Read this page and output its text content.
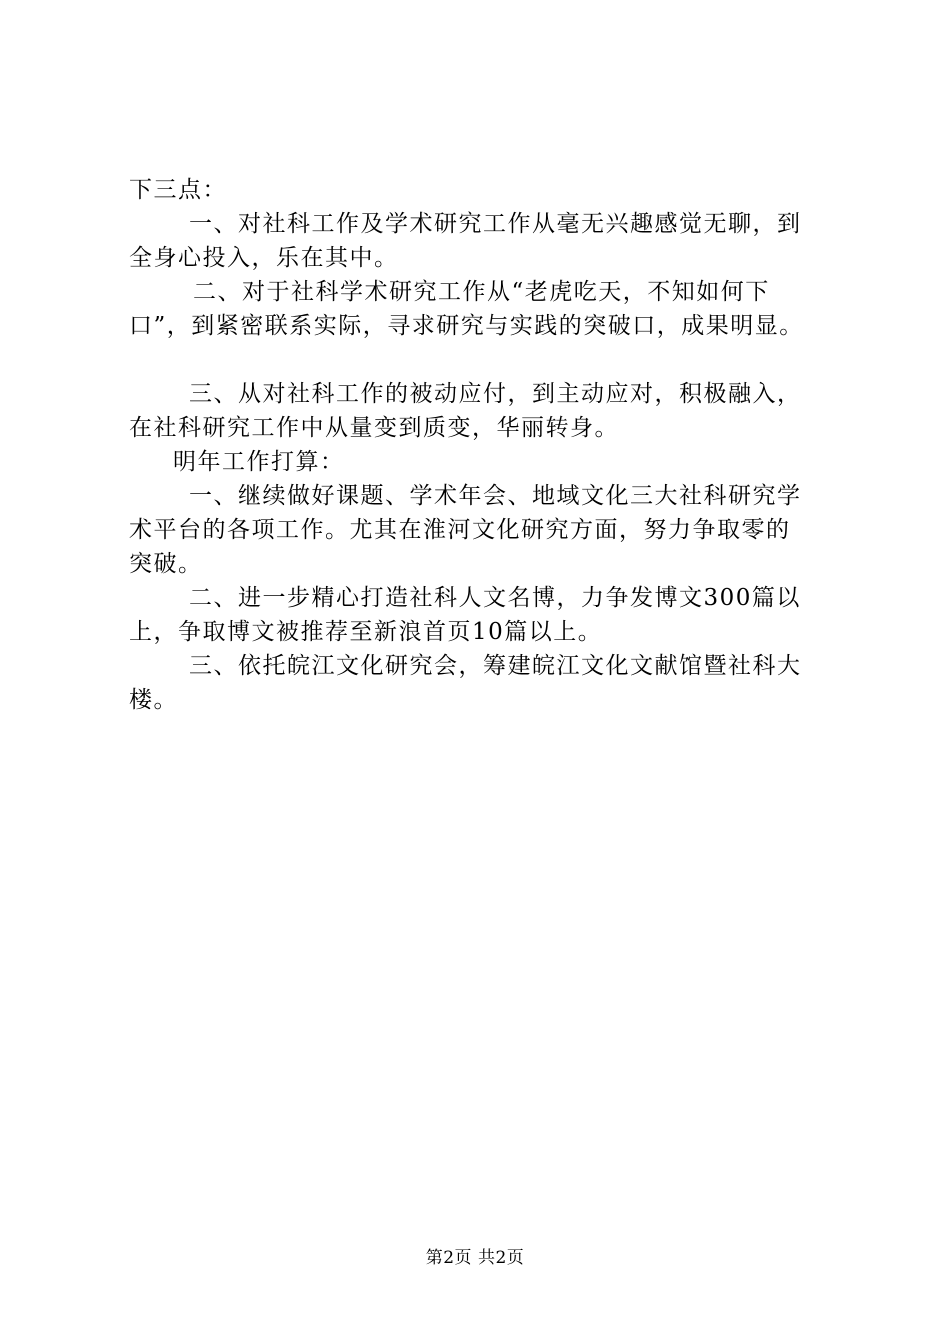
下三点：
一、对社科工作及学术研究工作从毫无兴趣感觉无聊，到
全身心投入，乐在其中。
二、对于社科学术研究工作从“老虎吃天，不知如何下
口”，到紧密联系实际，寻求研究与实践的突破口，成果明显。
三、从对社科工作的被动应付，到主动应对，积极融入，
在社科研究工作中从量变到质变，华丽转身。
明年工作打算：
一、继续做好课题、学术年会、地域文化三大社科研究学
术平台的各项工作。尤其在淮河文化研究方面，努力争取零的
突破。
二、进一步精心打造社科人文名博，力争发博文300篇以
上，争取博文被推荐至新浪首页10篇以上。
三、依托皖江文化研究会，筹建皖江文化文献馆暨社科大
楼。
第2页 共2页
